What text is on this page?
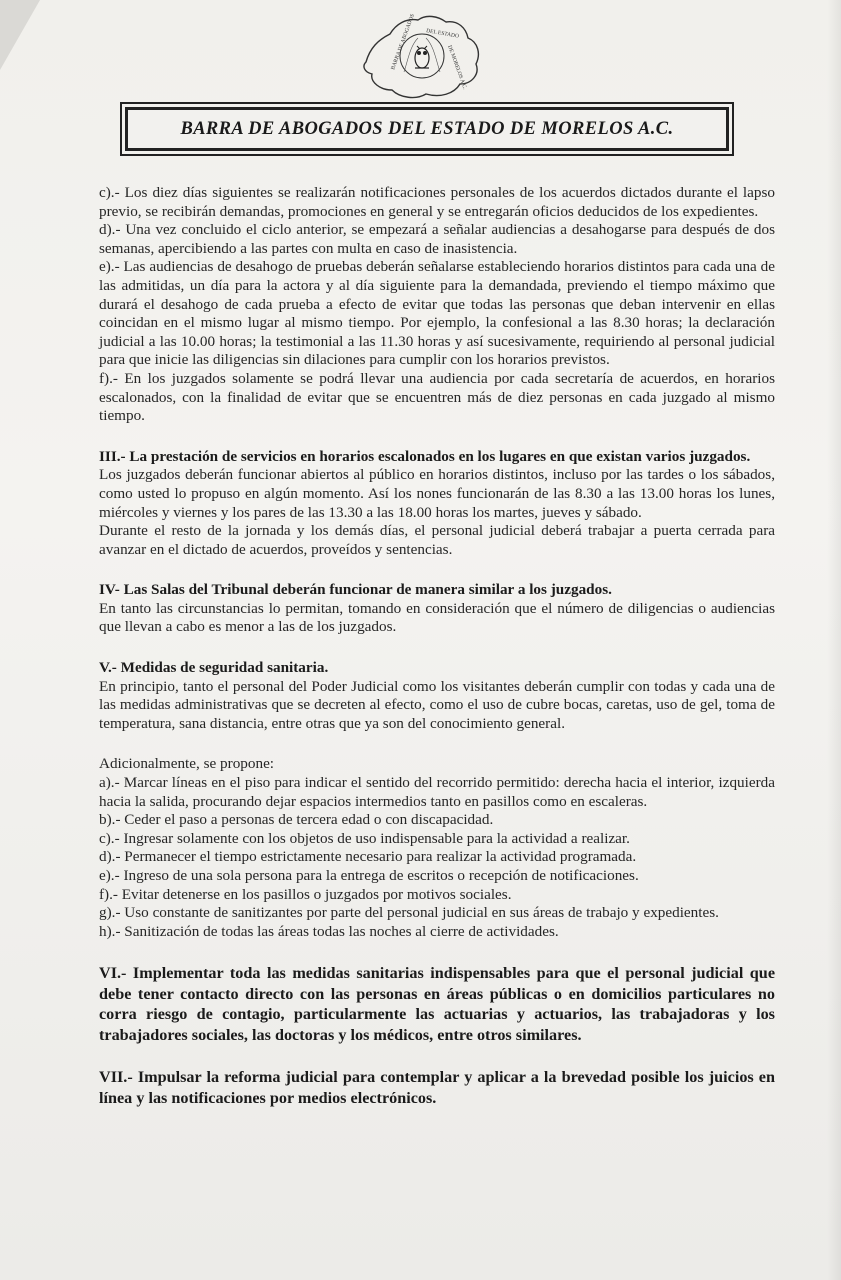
BARRA DE ABOGADOS DEL ESTADO
DE MORELOS A.C.
BARRA DE ABOGADOS DEL ESTADO DE MORELOS A.C.

c).- Los diez días siguientes se realizarán notificaciones personales de los acuerdos dictados durante el lapso previo, se recibirán demandas, promociones en general y se entregarán oficios deducidos de los expedientes.

d).- Una vez concluido el ciclo anterior, se empezará a señalar audiencias a desahogarse para después de dos semanas, apercibiendo a las partes con multa en caso de inasistencia.

e).- Las audiencias de desahogo de pruebas deberán señalarse estableciendo horarios distintos para cada una de las admitidas, un día para la actora y al día siguiente para la demandada, previendo el tiempo máximo que durará el desahogo de cada prueba a efecto de evitar que todas las personas que deban intervenir en ellas coincidan en el mismo lugar al mismo tiempo. Por ejemplo, la confesional a las 8.30 horas; la declaración judicial a las 10.00 horas; la testimonial a las 11.30 horas y así sucesivamente, requiriendo al personal judicial para que inicie las diligencias sin dilaciones para cumplir con los horarios previstos.

f).- En los juzgados solamente se podrá llevar una audiencia por cada secretaría de acuerdos, en horarios escalonados, con la finalidad de evitar que se encuentren más de diez personas en cada juzgado al mismo tiempo.

III.- La prestación de servicios en horarios escalonados en los lugares en que existan varios juzgados.

Los juzgados deberán funcionar abiertos al público en horarios distintos, incluso por las tardes o los sábados, como usted lo propuso en algún momento. Así los nones funcionarán de las 8.30 a las 13.00 horas los lunes, miércoles y viernes y los pares de las 13.30 a las 18.00 horas los martes, jueves y sábado.

Durante el resto de la jornada y los demás días, el personal judicial deberá trabajar a puerta cerrada para avanzar en el dictado de acuerdos, proveídos y sentencias.

IV- Las Salas del Tribunal deberán funcionar de manera similar a los juzgados.

En tanto las circunstancias lo permitan, tomando en consideración que el número de diligencias o audiencias que llevan a cabo es menor a las de los juzgados.

V.- Medidas de seguridad sanitaria.

En principio, tanto el personal del Poder Judicial como los visitantes deberán cumplir con todas y cada una de las medidas administrativas que se decreten al efecto, como el uso de cubre bocas, caretas, uso de gel, toma de temperatura, sana distancia, entre otras que ya son del conocimiento general.

Adicionalmente, se propone:

a).- Marcar líneas en el piso para indicar el sentido del recorrido permitido: derecha hacia el interior, izquierda hacia la salida, procurando dejar espacios intermedios tanto en pasillos como en escaleras.

b).- Ceder el paso a personas de tercera edad o con discapacidad.

c).- Ingresar solamente con los objetos de uso indispensable para la actividad a realizar.

d).- Permanecer el tiempo estrictamente necesario para realizar la actividad programada.

e).- Ingreso de una sola persona para la entrega de escritos o recepción de notificaciones.

f).- Evitar detenerse en los pasillos o juzgados por motivos sociales.

g).- Uso constante de sanitizantes por parte del personal judicial en sus áreas de trabajo y expedientes.

h).- Sanitización de todas las áreas todas las noches al cierre de actividades.

VI.- Implementar toda las medidas sanitarias indispensables para que el personal judicial que debe tener contacto directo con las personas en áreas públicas o en domicilios particulares no corra riesgo de contagio, particularmente las actuarias y actuarios, las trabajadoras y los trabajadores sociales, las doctoras y los médicos, entre otros similares.

VII.- Impulsar la reforma judicial para contemplar y aplicar a la brevedad posible los juicios en línea y las notificaciones por medios electrónicos.
